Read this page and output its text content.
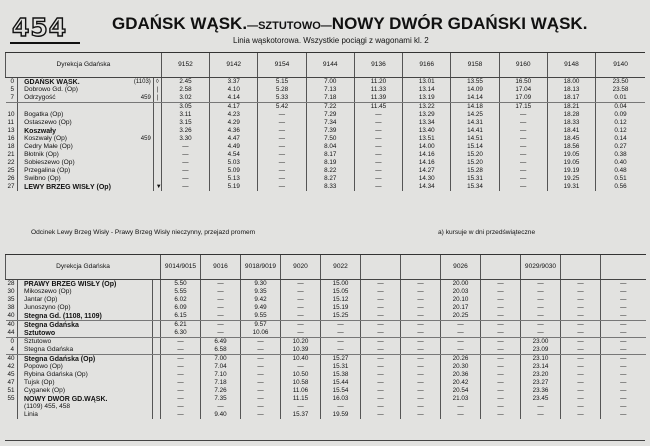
454	GDAŃSK WĄSK.—SZTUTOWO—NOWY DWÓR GDAŃSKI WĄSK.
Linia wąskotorowa. Wszystkie pociągi z wagonami kl. 2
Dyrekcja Gdańska			9152	9142	9154	9144	9136	9166	9158	9160	9148	9140
0	GDAŃSK WĄSK. (1103)	◊	2.45	3.37	5.15	7.00	11.20	13.01	13.55	16.50	18.00	23.50
5	Dobrowo Gd. (Op)	|	2.58	4.10	5.28	7.13	11.33	13.14	14.09	17.04	18.13	23.58
7	Odrzygość 459	|	3.02	4.14	5.33	7.18	11.39	13.19	14.14	17.09	18.17	0.01
			3.05	4.17	5.42	7.22	11.45	13.22	14.18	17.15	18.21	0.04
10	Bogatka (Op)		3.11	4.23	—	7.29	—	13.29	14.25	—	18.28	0.09
11	Ostaszewo (Op)		3.15	4.29	—	7.34	—	13.34	14.31	—	18.33	0.12
13	Koszwały		3.26	4.36	—	7.39	—	13.40	14.41	—	18.41	0.12
16	Koszwały (Op) 459		3.30	4.47	—	7.50	—	13.51	14.51	—	18.45	0.14
18	Cedry Małe (Op)		—	4.49	—	8.04	—	14.00	15.14	—	18.56	0.27
21	Błotnik (Op)		—	4.54	—	8.17	—	14.16	15.20	—	19.05	0.38
22	Sobieszewo (Op)		—	5.03	—	8.19	—	14.16	15.20	—	19.05	0.40
25	Przegalina (Op)		—	5.09	—	8.22	—	14.27	15.28	—	19.19	0.48
26	Świbno (Op)		—	5.13	—	8.27	—	14.30	15.31	—	19.25	0.51
27	LEWY BRZEG WISŁY (Op)	▼	—	5.19	—	8.33	—	14.34	15.34	—	19.31	0.56
Odcinek Lewy Brzeg Wisły - Prawy Brzeg Wisły nieczynny, przejazd promem	a) kursuje w dni przedświąteczne
Dyrekcja Gdańska			9014/9015	9016	9018/9019	9020	9022			9026		9029/9030		
28	PRAWY BRZEG WISŁY (Op)		5.50	—	9.30	—	15.00	—	—	20.00	—	—	—	—
30	Mikoszewo (Op)		5.55	—	9.35	—	15.05	—	—	20.03	—	—	—	—
35	Jantar (Op)		6.02	—	9.42	—	15.12	—	—	20.10	—	—	—	—
38	Junoszyno (Op)		6.09	—	9.49	—	15.19	—	—	20.17	—	—	—	—
40	Stegna Gd. (1108, 1109)		6.15	—	9.55	—	15.25	—	—	20.25	—	—	—	—
40	Stegna Gdańska		6.21	—	9.57	—	—	—	—	—	—	—	—	—
44	Sztutowo		6.30	—	10.06	—	—	—	—	—	—	—	—	—
0	Sztutowo		—	6.49	—	10.20	—	—	—	—	—	23.00	—	—
4	Stegna Gdańska		—	6.58	—	10.39	—	—	—	—	—	23.09	—	—
40	Stegna Gdańska (Op)		—	7.00	—	10.40	15.27	—	—	20.26	—	23.10	—	—
42	Popowo (Op)		—	7.04	—	—	15.31	—	—	20.30	—	23.14	—	—
45	Rybina Gdańska (Op)		—	7.10	—	10.50	15.38	—	—	20.36	—	23.20	—	—
47	Tujsk (Op)		—	7.18	—	10.58	15.44	—	—	20.42	—	23.27	—	—
51	Cyganek (Op)		—	7.26	—	11.06	15.54	—	—	20.54	—	23.36	—	—
55	NOWY DWÓR GD.WĄSK.		—	7.35	—	11.15	16.03	—	—	21.03	—	23.45	—	—
	(1109) 455, 458		—	—	—	—	—	—	—	—	—	—	—	—
	Linia		—	9.40	—	15.37	19.59	—	—	—	—	—	—	—
